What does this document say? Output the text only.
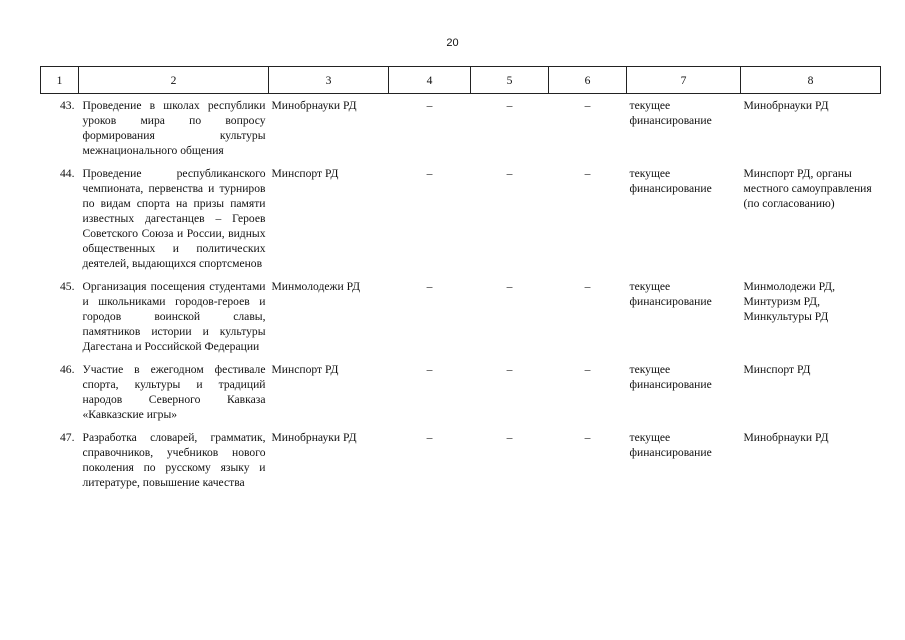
20
1	2	3	4	5	6	7	8
43.	Проведение в школах республики уроков мира по вопросу формирования культуры межнационального общения	Минобрнауки РД	–	–	–	текущее финансирование	Минобрнауки РД

44.	Проведение республиканского чемпионата, первенства и турниров по видам спорта на призы памяти известных дагестанцев – Героев Советского Союза и России, видных общественных и политических деятелей, выдающихся спортсменов	Минспорт РД	–	–	–	текущее финансирование	Минспорт РД, органы местного самоуправления (по согласованию)

45.	Организация посещения студентами и школьниками городов-героев и городов воинской славы, памятников истории и культуры Дагестана и Российской Федерации	Минмолодежи РД	–	–	–	текущее финансирование	Минмолодежи РД, Минтуризм РД, Минкультуры РД

46.	Участие в ежегодном фестивале спорта, культуры и традиций народов Северного Кавказа «Кавказские игры»	Минспорт РД	–	–	–	текущее финансирование	Минспорт РД

47.	Разработка словарей, грамматик, справочников, учебников нового поколения по русскому языку и литературе, повышение качества	Минобрнауки РД	–	–	–	текущее финансирование	Минобрнауки РД
